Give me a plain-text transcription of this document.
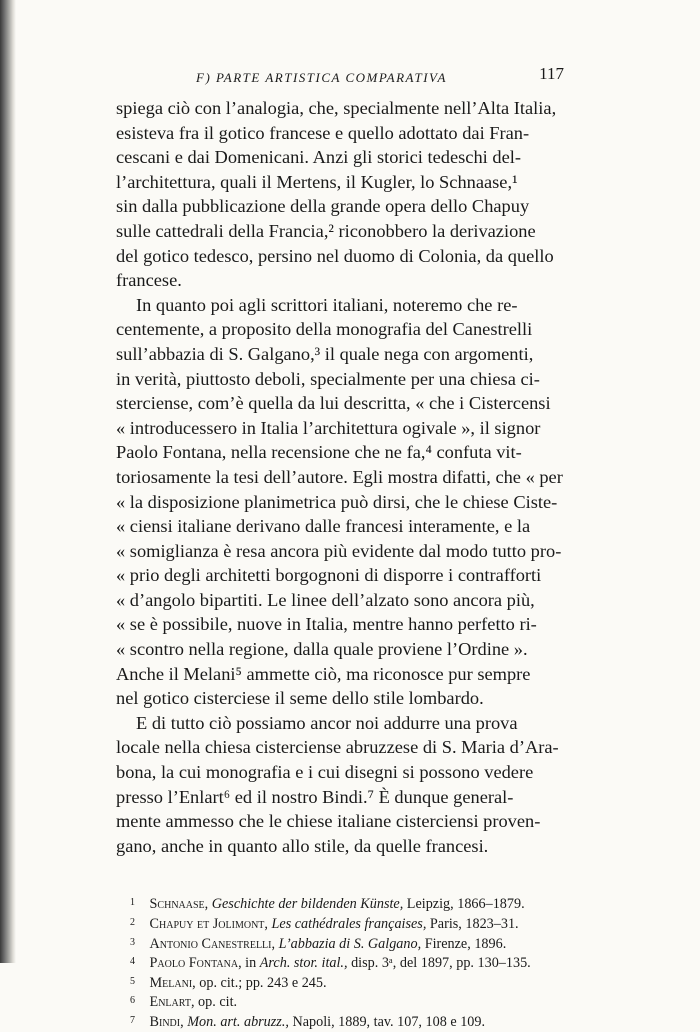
F) PARTE ARTISTICA COMPARATIVA	117

spiega ciò con l’analogia, che, specialmente nell’Alta Italia,
esisteva fra il gotico francese e quello adottato dai Fran-
cescani e dai Domenicani. Anzi gli storici tedeschi del-
l’architettura, quali il Mertens, il Kugler, lo Schnaase,¹
sin dalla pubblicazione della grande opera dello Chapuy
sulle cattedrali della Francia,² riconobbero la derivazione
del gotico tedesco, persino nel duomo di Colonia, da quello
francese.

In quanto poi agli scrittori italiani, noteremo che re-
centemente, a proposito della monografia del Canestrelli
sull’abbazia di S. Galgano,³ il quale nega con argomenti,
in verità, piuttosto deboli, specialmente per una chiesa ci-
sterciense, com’è quella da lui descritta, « che i Cistercensi
« introducessero in Italia l’architettura ogivale », il signor
Paolo Fontana, nella recensione che ne fa,⁴ confuta vit-
toriosamente la tesi dell’autore. Egli mostra difatti, che « per
« la disposizione planimetrica può dirsi, che le chiese Ciste-
« ciensi italiane derivano dalle francesi interamente, e la
« somiglianza è resa ancora più evidente dal modo tutto pro-
« prio degli architetti borgognoni di disporre i contrafforti
« d’angolo bipartiti. Le linee dell’alzato sono ancora più,
« se è possibile, nuove in Italia, mentre hanno perfetto ri-
« scontro nella regione, dalla quale proviene l’Ordine ».
Anche il Melani⁵ ammette ciò, ma riconosce pur sempre
nel gotico cisterciese il seme dello stile lombardo.

E di tutto ciò possiamo ancor noi addurre una prova
locale nella chiesa cisterciense abruzzese di S. Maria d’Ara-
bona, la cui monografia e i cui disegni si possono vedere
presso l’Enlart⁶ ed il nostro Bindi.⁷ È dunque general-
mente ammesso che le chiese italiane cisterciensi proven-
gano, anche in quanto allo stile, da quelle francesi.

1 Schnaase, Geschichte der bildenden Künste, Leipzig, 1866–1879.
2 Chapuy et Jolimont, Les cathédrales françaises, Paris, 1823–31.
3 Antonio Canestrelli, L’abbazia di S. Galgano, Firenze, 1896.
4 Paolo Fontana, in Arch. stor. ital., disp. 3ᵃ, del 1897, pp. 130–135.
5 Melani, op. cit.; pp. 243 e 245.
6 Enlart, op. cit.
7 Bindi, Mon. art. abruzz., Napoli, 1889, tav. 107, 108 e 109.
